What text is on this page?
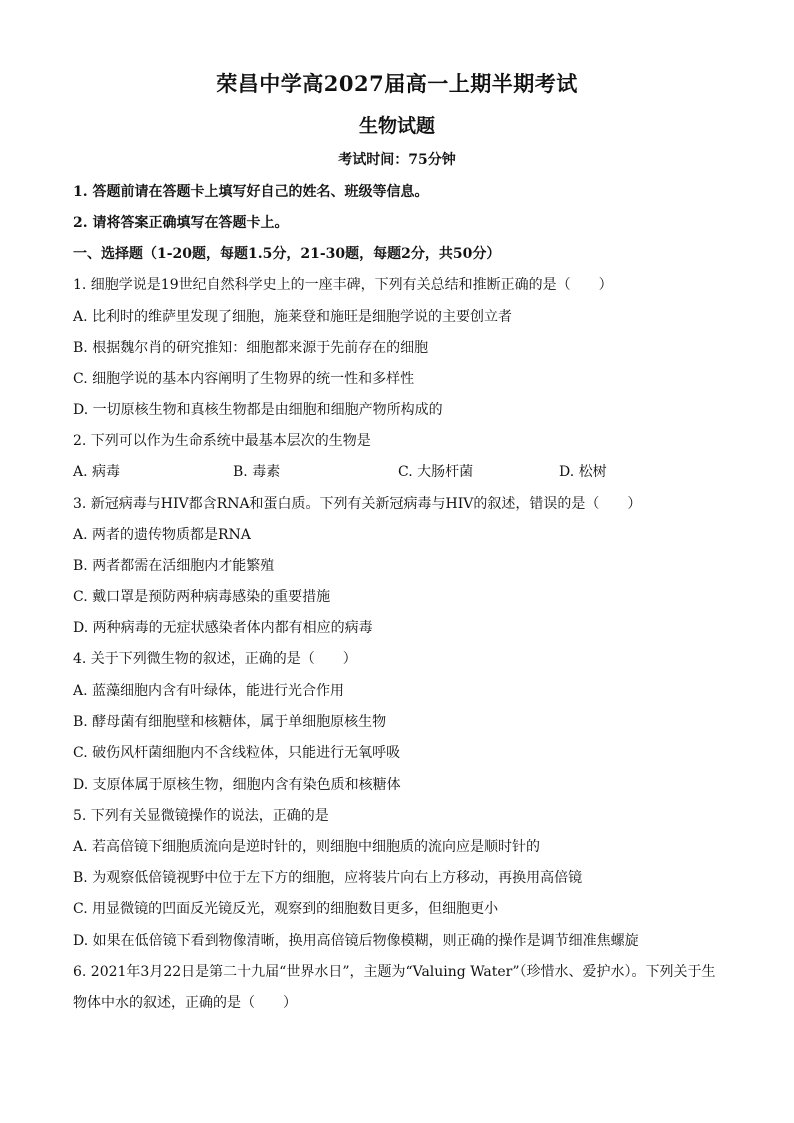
荣昌中学高2027届高一上期半期考试
生物试题
考试时间：75分钟
1. 答题前请在答题卡上填写好自己的姓名、班级等信息。
2. 请将答案正确填写在答题卡上。
一、选择题（1-20题，每题1.5分，21-30题，每题2分，共50分）
1. 细胞学说是19世纪自然科学史上的一座丰碑，下列有关总结和推断正确的是（　　）
A. 比利时的维萨里发现了细胞，施莱登和施旺是细胞学说的主要创立者
B. 根据魏尔肖的研究推知：细胞都来源于先前存在的细胞
C. 细胞学说的基本内容阐明了生物界的统一性和多样性
D. 一切原核生物和真核生物都是由细胞和细胞产物所构成的
2. 下列可以作为生命系统中最基本层次的生物是
A. 病毒	B. 毒素	C. 大肠杆菌	D. 松树
3. 新冠病毒与HIV都含RNA和蛋白质。下列有关新冠病毒与HIV的叙述，错误的是（　　）
A. 两者的遗传物质都是RNA
B. 两者都需在活细胞内才能繁殖
C. 戴口罩是预防两种病毒感染的重要措施
D. 两种病毒的无症状感染者体内都有相应的病毒
4. 关于下列微生物的叙述，正确的是（　　）
A. 蓝藻细胞内含有叶绿体，能进行光合作用
B. 酵母菌有细胞壁和核糖体，属于单细胞原核生物
C. 破伤风杆菌细胞内不含线粒体，只能进行无氧呼吸
D. 支原体属于原核生物，细胞内含有染色质和核糖体
5. 下列有关显微镜操作的说法，正确的是
A. 若高倍镜下细胞质流向是逆时针的，则细胞中细胞质的流向应是顺时针的
B. 为观察低倍镜视野中位于左下方的细胞，应将装片向右上方移动，再换用高倍镜
C. 用显微镜的凹面反光镜反光，观察到的细胞数目更多，但细胞更小
D. 如果在低倍镜下看到物像清晰，换用高倍镜后物像模糊，则正确的操作是调节细准焦螺旋
6. 2021年3月22日是第二十九届“世界水日”，主题为“Valuing Water”（珍惜水、爱护水）。下列关于生
物体中水的叙述，正确的是（　　）
